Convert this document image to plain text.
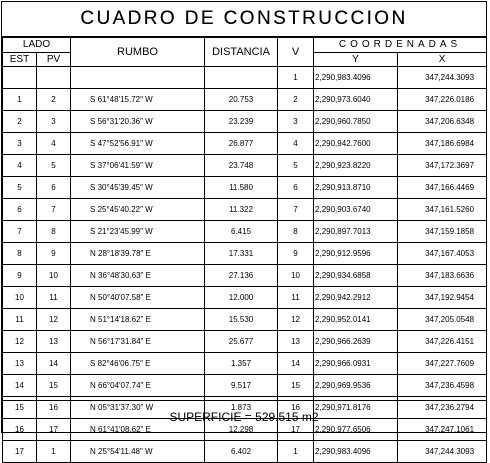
CUADRO DE CONSTRUCCION
LADO		RUMBO	DISTANCIA	V	COORDENADAS	
EST	PV				Y	X
				1	2,290,983.4096	347,244.3093
1	2	S 61°48'15.72" W	20.753	2	2,290,973.6040	347,226.0186
2	3	S 56°31'20.36" W	23.239	3	2,290,960.7850	347,206.6348
3	4	S 47°52'56.91" W	26.877	4	2,290,942.7600	347,186.6984
4	5	S 37°06'41.59" W	23.748	5	2,290,923.8220	347,172.3697
5	6	S 30°45'39.45" W	11.580	6	2,290,913.8710	347,166.4469
6	7	S 25°45'40.22" W	11.322	7	2,290,903.6740	347,161.5260
7	8	S 21°23'45.99" W	6.415	8	2,290,897.7013	347,159.1858
8	9	N 28°18'39.78" E	17.331	9	2,290,912.9596	347,167.4053
9	10	N 36°48'30.63" E	27.136	10	2,290,934.6858	347,183.6636
10	11	N 50°40'07.58" E	12.000	11	2,290,942.2912	347,192.9454
11	12	N 51°14'18.62" E	15.530	12	2,290,952.0141	347,205.0548
12	13	N 56°17'31.84" E	25.677	13	2,290,966.2639	347,226.4151
13	14	S 82°46'06.75" E	1.357	14	2,290,966.0931	347,227.7609
14	15	N 66°04'07.74" E	9.517	15	2,290,969.9536	347,236.4598
15	16	N 05°31'37.30" W	1.873	16	2,290,971.8176	347,236.2794
16	17	N 61°41'08.62" E	12.298	17	2,290,977.6506	347,247.1061
17	1	N 25°54'11.48" W	6.402	1	2,290,983.4096	347,244.3093
SUPERFICIE = 529.515 m2
